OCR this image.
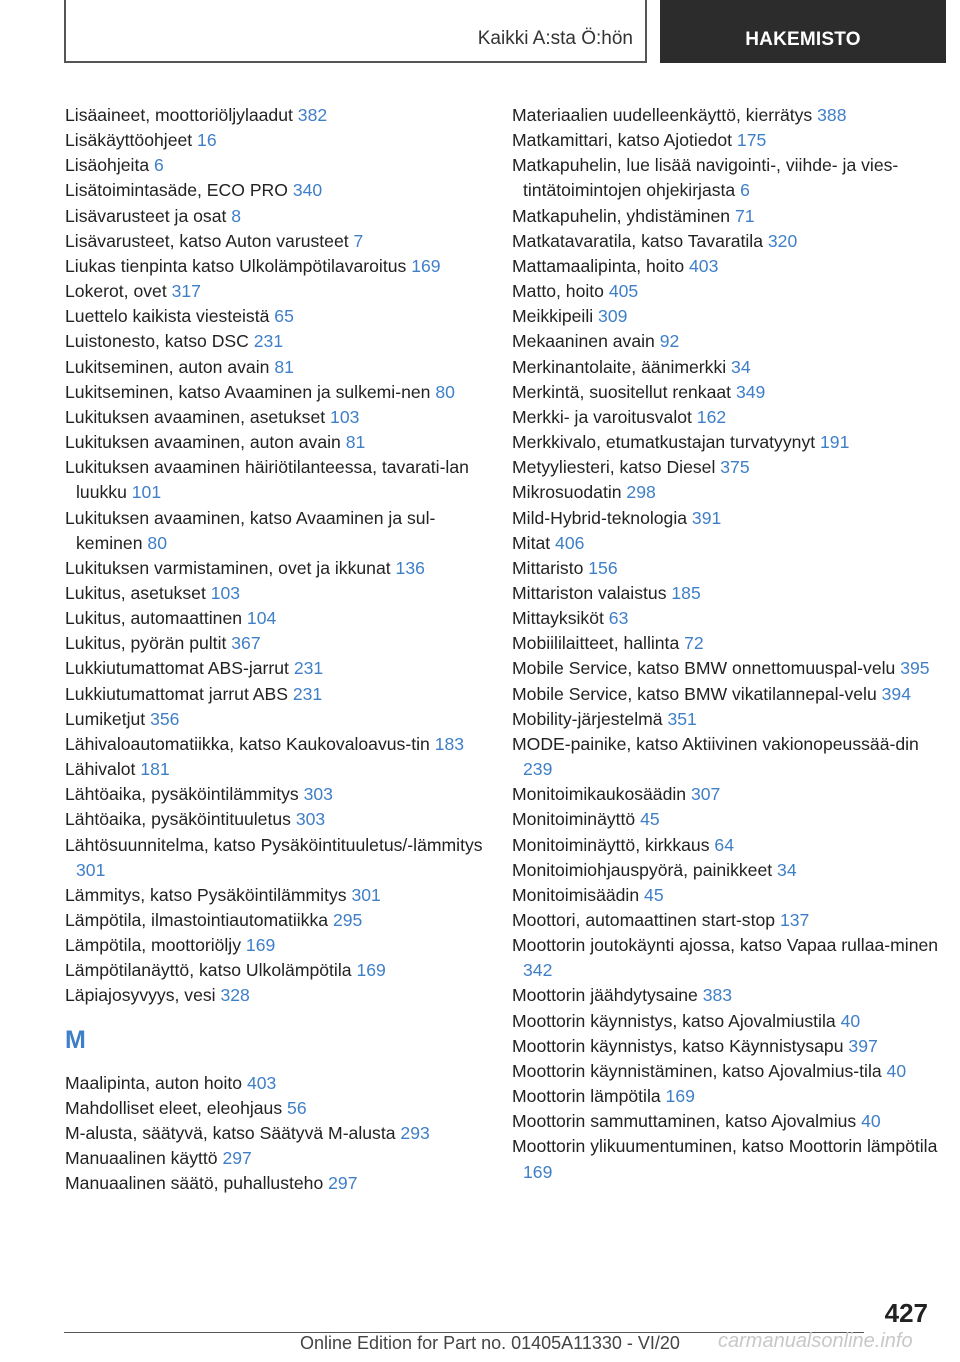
Kaikki A:sta Ö:hön	HAKEMISTO
Lisäaineet, moottoriöljylaadut 382
Lisäkäyttöohjeet 16
Lisäohjeita 6
Lisätoimintasäde, ECO PRO 340
Lisävarusteet ja osat 8
Lisävarusteet, katso Auton varusteet 7
Liukas tienpinta katso Ulkolämpötilavaroitus 169
Lokerot, ovet 317
Luettelo kaikista viesteistä 65
Luistonesto, katso DSC 231
Lukitseminen, auton avain 81
Lukitseminen, katso Avaaminen ja sulkemi‐nen 80
Lukituksen avaaminen, asetukset 103
Lukituksen avaaminen, auton avain 81
Lukituksen avaaminen häiriötilanteessa, tavarati‐lan luukku 101
Lukituksen avaaminen, katso Avaaminen ja sul‐keminen 80
Lukituksen varmistaminen, ovet ja ikkunat 136
Lukitus, asetukset 103
Lukitus, automaattinen 104
Lukitus, pyörän pultit 367
Lukkiutumattomat ABS-jarrut 231
Lukkiutumattomat jarrut ABS 231
Lumiketjut 356
Lähivaloautomatiikka, katso Kaukovaloavus‐tin 183
Lähivalot 181
Lähtöaika, pysäköintilämmitys 303
Lähtöaika, pysäköintituuletus 303
Lähtösuunnitelma, katso Pysäköintituuletus/‐lämmitys 301
Lämmitys, katso Pysäköintilämmitys 301
Lämpötila, ilmastointiautomatiikka 295
Lämpötila, moottoriöljy 169
Lämpötilanäyttö, katso Ulkolämpötila 169
Läpiajosyvyys, vesi 328
M
Maalipinta, auton hoito 403
Mahdolliset eleet, eleohjaus 56
M-alusta, säätyvä, katso Säätyvä M-alusta 293
Manuaalinen käyttö 297
Manuaalinen säätö, puhallusteho 297
Materiaalien uudelleenkäyttö, kierrätys 388
Matkamittari, katso Ajotiedot 175
Matkapuhelin, lue lisää navigointi-, viihde- ja vies‐tintätoimintojen ohjekirjasta 6
Matkapuhelin, yhdistäminen 71
Matkatavaratila, katso Tavaratila 320
Mattamaalipinta, hoito 403
Matto, hoito 405
Meikkipeili 309
Mekaaninen avain 92
Merkinantolaite, äänimerkki 34
Merkintä, suositellut renkaat 349
Merkki- ja varoitusvalot 162
Merkkivalo, etumatkustajan turvatyynyt 191
Metyyliesteri, katso Diesel 375
Mikrosuodatin 298
Mild-Hybrid-teknologia 391
Mitat 406
Mittaristo 156
Mittariston valaistus 185
Mittayksiköt 63
Mobiililaitteet, hallinta 72
Mobile Service, katso BMW onnettomuuspal‐velu 395
Mobile Service, katso BMW vikatilannepal‐velu 394
Mobility-järjestelmä 351
MODE-painike, katso Aktiivinen vakionopeussää‐din 239
Monitoimikaukosäädin 307
Monitoiminäyttö 45
Monitoiminäyttö, kirkkaus 64
Monitoimiohjauspyörä, painikkeet 34
Monitoimisäädin 45
Moottori, automaattinen start-stop 137
Moottorin joutokäynti ajossa, katso Vapaa rullaa‐minen 342
Moottorin jäähdytysaine 383
Moottorin käynnistys, katso Ajovalmiustila 40
Moottorin käynnistys, katso Käynnistysapu 397
Moottorin käynnistäminen, katso Ajovalmius‐tila 40
Moottorin lämpötila 169
Moottorin sammuttaminen, katso Ajovalmius 40
Moottorin ylikuumentuminen, katso Moottorin lämpötila 169
427
Online Edition for Part no. 01405A11330 - VI/20 carmanualsonline.info
